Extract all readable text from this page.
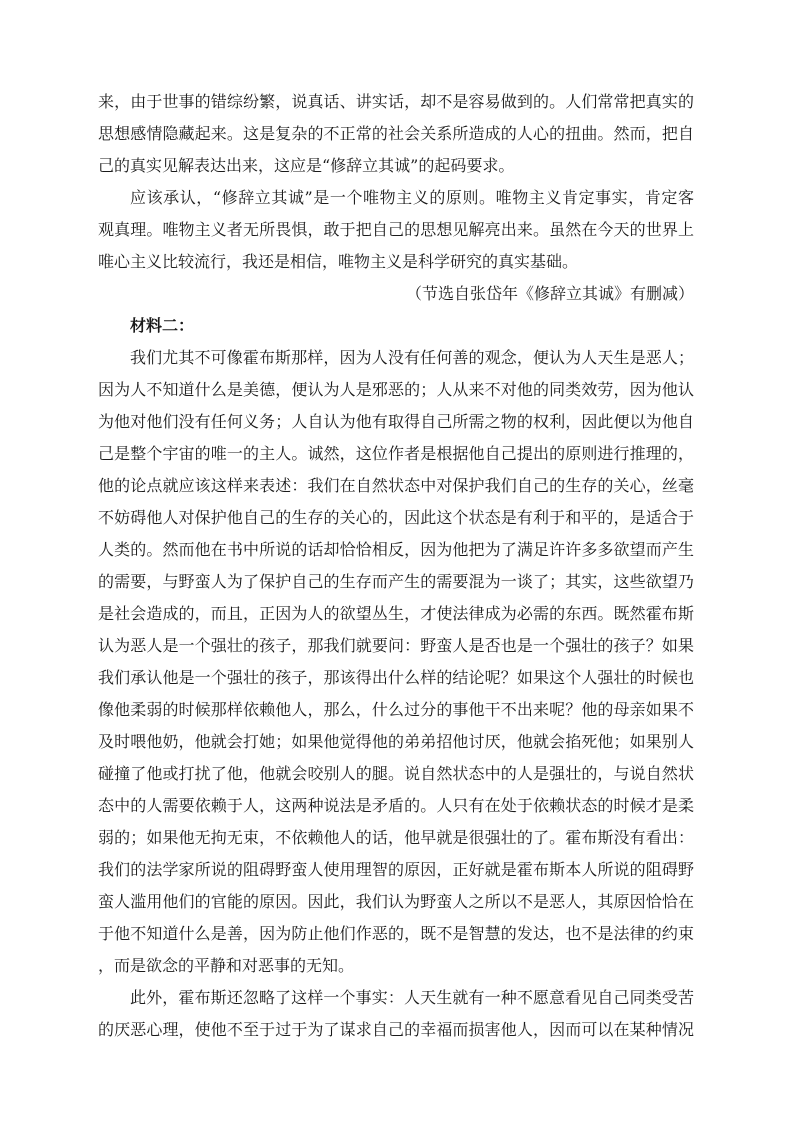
来，由于世事的错综纷繁，说真话、讲实话，却不是容易做到的。人们常常把真实的
思想感情隐藏起来。这是复杂的不正常的社会关系所造成的人心的扭曲。然而，把自
己的真实见解表达出来，这应是“修辞立其诚”的起码要求。
应该承认，“修辞立其诚”是一个唯物主义的原则。唯物主义肯定事实，肯定客
观真理。唯物主义者无所畏惧，敢于把自己的思想见解亮出来。虽然在今天的世界上
唯心主义比较流行，我还是相信，唯物主义是科学研究的真实基础。
（节选自张岱年《修辞立其诚》有删减）
材料二：
我们尤其不可像霍布斯那样，因为人没有任何善的观念，便认为人天生是恶人；
因为人不知道什么是美德，便认为人是邪恶的；人从来不对他的同类效劳，因为他认
为他对他们没有任何义务；人自认为他有取得自己所需之物的权利，因此便以为他自
己是整个宇宙的唯一的主人。诚然，这位作者是根据他自己提出的原则进行推理的，
他的论点就应该这样来表述：我们在自然状态中对保护我们自己的生存的关心，丝毫
不妨碍他人对保护他自己的生存的关心的，因此这个状态是有利于和平的，是适合于
人类的。然而他在书中所说的话却恰恰相反，因为他把为了满足许许多多欲望而产生
的需要，与野蛮人为了保护自己的生存而产生的需要混为一谈了；其实，这些欲望乃
是社会造成的，而且，正因为人的欲望丛生，才使法律成为必需的东西。既然霍布斯
认为恶人是一个强壮的孩子，那我们就要问：野蛮人是否也是一个强壮的孩子？如果
我们承认他是一个强壮的孩子，那该得出什么样的结论呢？如果这个人强壮的时候也
像他柔弱的时候那样依赖他人，那么，什么过分的事他干不出来呢？他的母亲如果不
及时喂他奶，他就会打她；如果他觉得他的弟弟招他讨厌，他就会掐死他；如果别人
碰撞了他或打扰了他，他就会咬别人的腿。说自然状态中的人是强壮的，与说自然状
态中的人需要依赖于人，这两种说法是矛盾的。人只有在处于依赖状态的时候才是柔
弱的；如果他无拘无束，不依赖他人的话，他早就是很强壮的了。霍布斯没有看出：
我们的法学家所说的阻碍野蛮人使用理智的原因，正好就是霍布斯本人所说的阻碍野
蛮人滥用他们的官能的原因。因此，我们认为野蛮人之所以不是恶人，其原因恰恰在
于他不知道什么是善，因为防止他们作恶的，既不是智慧的发达，也不是法律的约束
，而是欲念的平静和对恶事的无知。
此外，霍布斯还忽略了这样一个事实：人天生就有一种不愿意看见自己同类受苦
的厌恶心理，使他不至于过于为了谋求自己的幸福而损害他人，因而可以在某种情况
